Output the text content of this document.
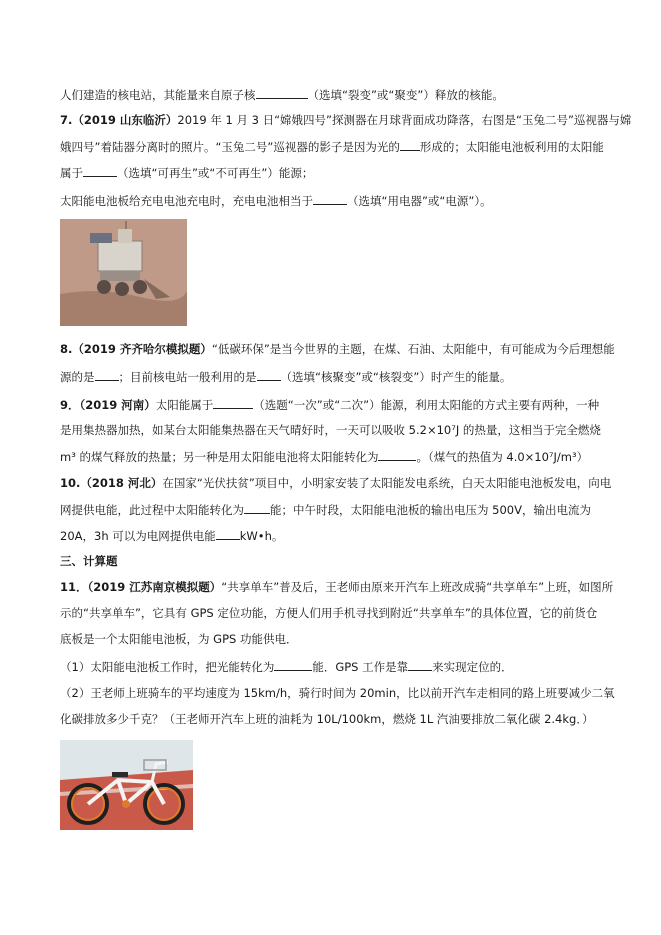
人们建造的核电站，其能量来自原子核	（选填“裂变”或“聚变”）释放的核能。
7.（2019 山东临沂）2019 年 1 月 3 日“嫦娥四号”探测器在月球背面成功降落，右图是“玉兔二号”巡视器与嫦
娥四号”着陆器分离时的照片。“玉兔二号”巡视器的影子是因为光的 形成的；太阳能电池板利用的太阳能
属于	（选填“可再生”或“不可再生”）能源；
太阳能电池板给充电电池充电时，充电电池相当于	（选填“用电器”或“电源”）。
8.（2019 齐齐哈尔模拟题）“低碳环保”是当今世界的主题，在煤、石油、太阳能中，有可能成为今后理想能
源的是 ；目前核电站一般利用的是 （选填“核聚变”或“核裂变”）时产生的能量。
9．（2019 河南）太阳能属于	（选题“一次”或“二次”）能源，利用太阳能的方式主要有两种，一种
是用集热器加热，如某台太阳能集热器在天气晴好时，一天可以吸收 5.2×10⁷J 的热量，这相当于完全燃烧
m³ 的煤气释放的热量；另一种是用太阳能电池将太阳能转化为	。（煤气的热值为 4.0×10⁷J/m³）
10.（2018 河北）在国家“光伏扶贫”项目中，小明家安装了太阳能发电系统，白天太阳能电池板发电，向电
网提供电能，此过程中太阳能转化为 能；中午时段，太阳能电池板的输出电压为 500V，输出电流为
20A，3h 可以为电网提供电能 kW•h。
三、计算题
11．（2019 江苏南京模拟题）“共享单车”普及后，王老师由原来开汽车上班改成骑“共享单车”上班，如图所
示的“共享单车”，它具有 GPS 定位功能，方便人们用手机寻找到附近“共享单车”的具体位置，它的前货仓
底板是一个太阳能电池板，为 GPS 功能供电．
（1）太阳能电池板工作时，把光能转化为	能．GPS 工作是靠 来实现定位的．
（2）王老师上班骑车的平均速度为 15km/h，骑行时间为 20min，比以前开汽车走相同的路上班要减少二氧
化碳排放多少千克？（王老师开汽车上班的油耗为 10L/100km，燃烧 1L 汽油要排放二氧化碳 2.4kg．）
